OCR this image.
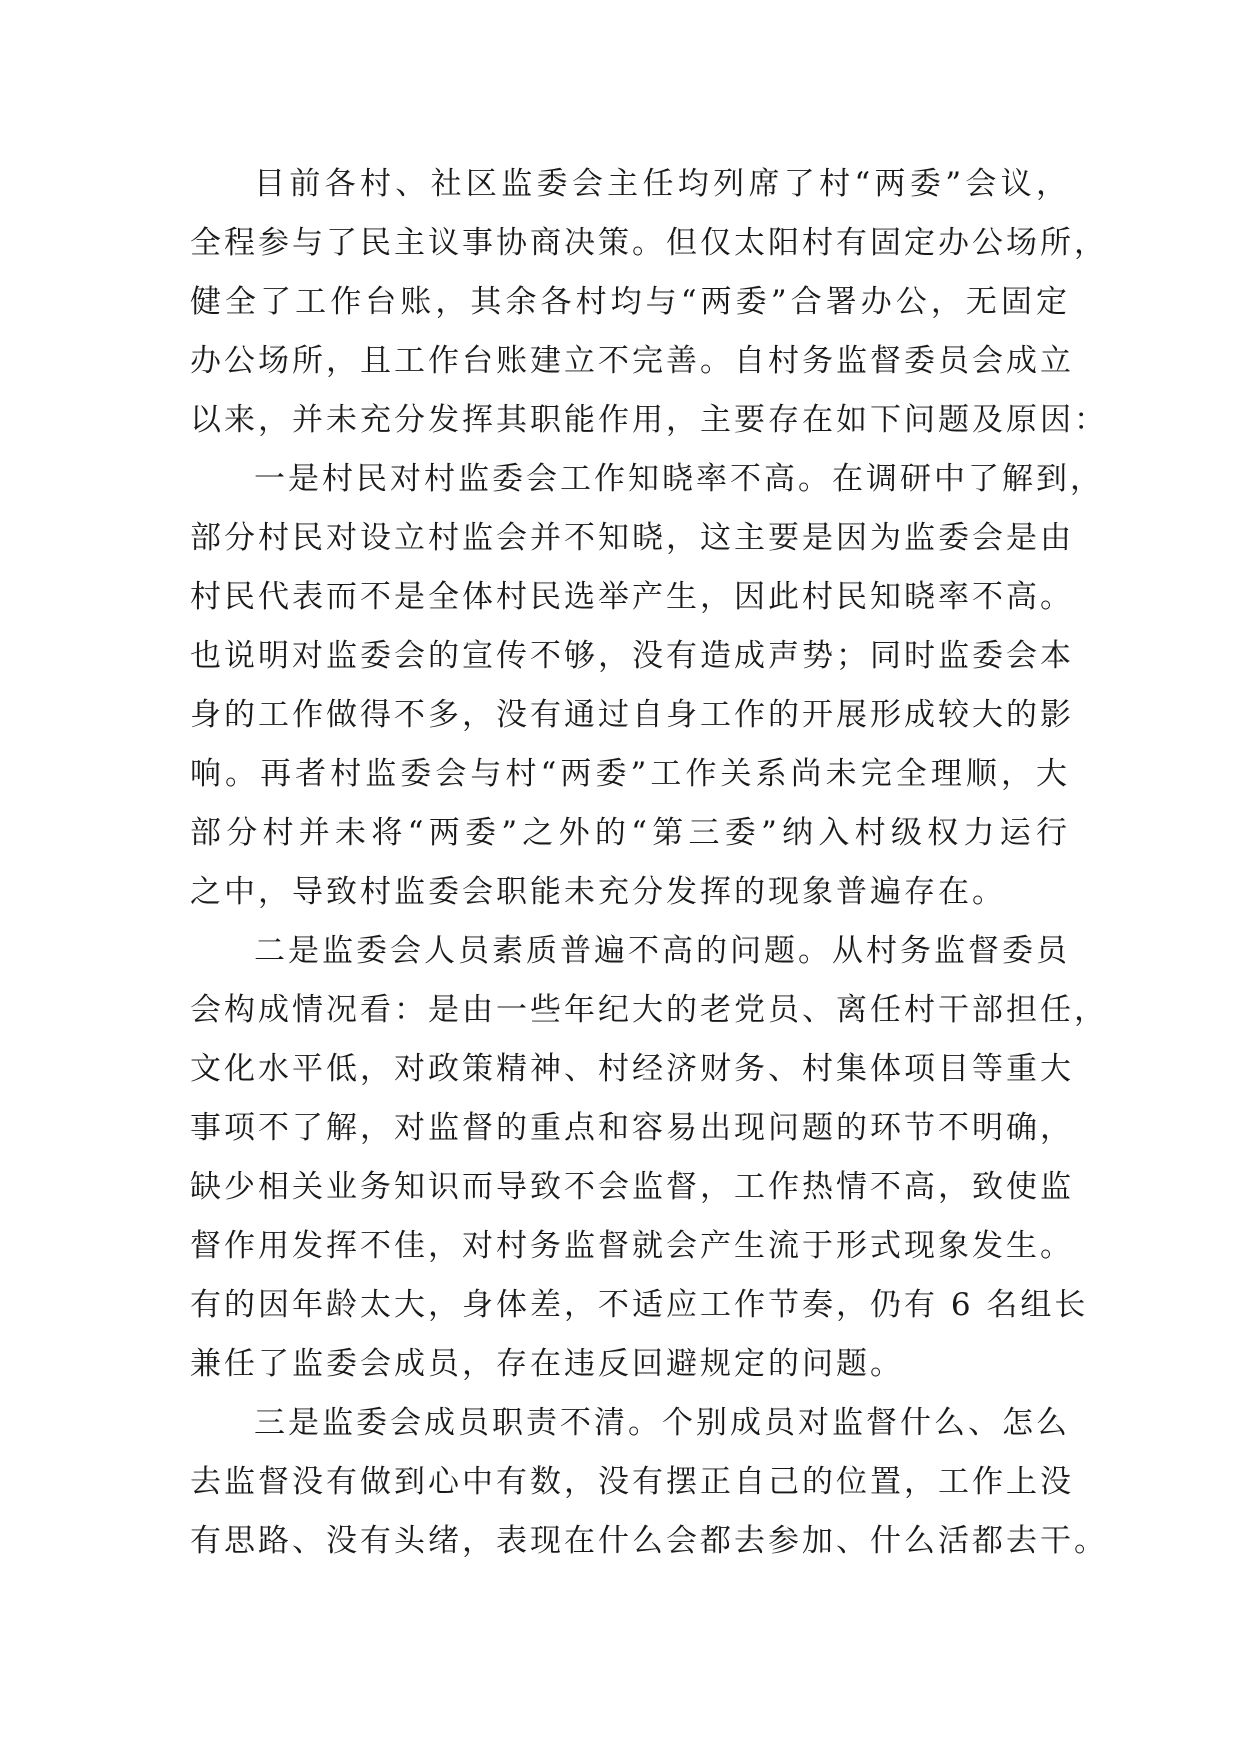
目前各村、社区监委会主任均列席了村“两委”会议，
全程参与了民主议事协商决策。但仅太阳村有固定办公场所，
健全了工作台账，其余各村均与“两委”合署办公，无固定
办公场所，且工作台账建立不完善。自村务监督委员会成立
以来，并未充分发挥其职能作用，主要存在如下问题及原因：
一是村民对村监委会工作知晓率不高。在调研中了解到，
部分村民对设立村监会并不知晓，这主要是因为监委会是由
村民代表而不是全体村民选举产生，因此村民知晓率不高。
也说明对监委会的宣传不够，没有造成声势；同时监委会本
身的工作做得不多，没有通过自身工作的开展形成较大的影
响。再者村监委会与村“两委”工作关系尚未完全理顺，大
部分村并未将“两委”之外的“第三委”纳入村级权力运行
之中，导致村监委会职能未充分发挥的现象普遍存在。
二是监委会人员素质普遍不高的问题。从村务监督委员
会构成情况看：是由一些年纪大的老党员、离任村干部担任，
文化水平低，对政策精神、村经济财务、村集体项目等重大
事项不了解，对监督的重点和容易出现问题的环节不明确，
缺少相关业务知识而导致不会监督，工作热情不高，致使监
督作用发挥不佳，对村务监督就会产生流于形式现象发生。
有的因年龄太大，身体差，不适应工作节奏，仍有 6 名组长
兼任了监委会成员，存在违反回避规定的问题。
三是监委会成员职责不清。个别成员对监督什么、怎么
去监督没有做到心中有数，没有摆正自己的位置，工作上没
有思路、没有头绪，表现在什么会都去参加、什么活都去干。
